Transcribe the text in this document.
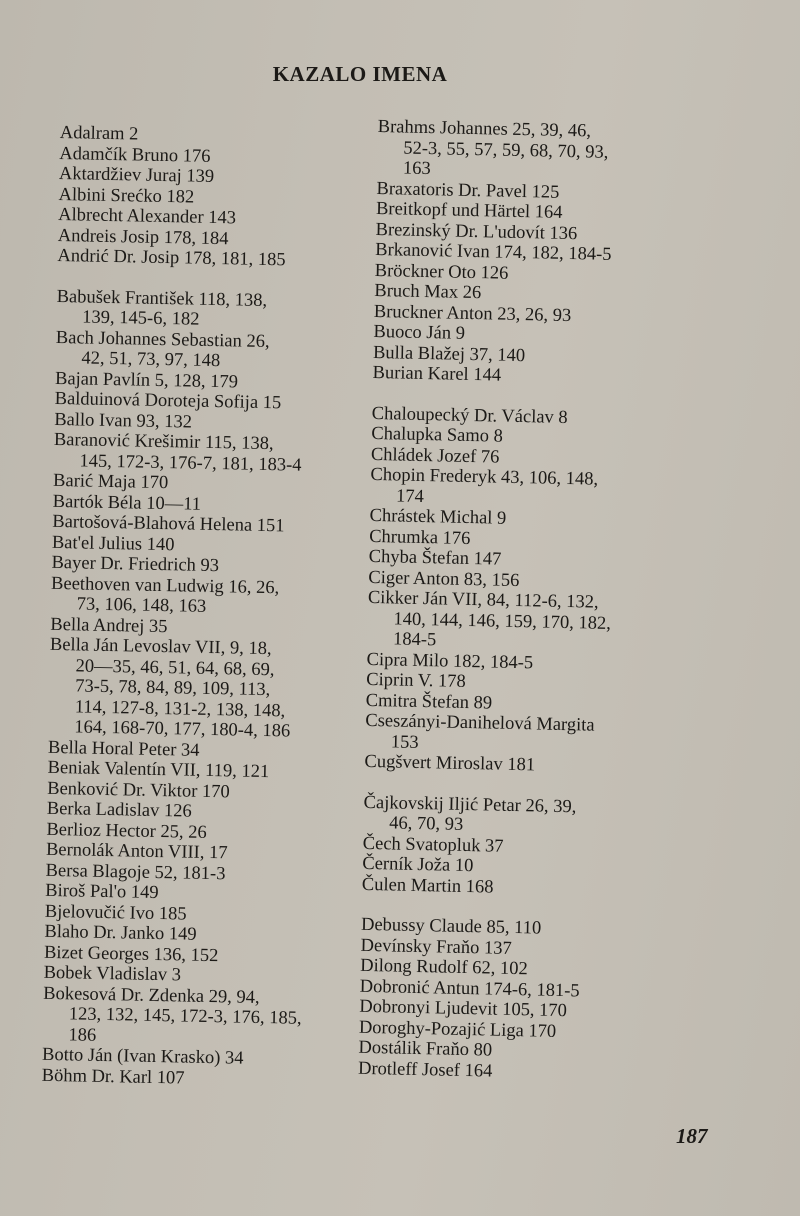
KAZALO IMENA
Adalram 2
Adamčík Bruno 176
Aktardžiev Juraj 139
Albini Srećko 182
Albrecht Alexander 143
Andreis Josip 178, 184
Andrić Dr. Josip 178, 181, 185
Babušek František 118, 138,
139, 145-6, 182
Bach Johannes Sebastian 26,
42, 51, 73, 97, 148
Bajan Pavlín 5, 128, 179
Balduinová Doroteja Sofija 15
Ballo Ivan 93, 132
Baranović Krešimir 115, 138,
145, 172-3, 176-7, 181, 183-4
Barić Maja 170
Bartók Béla 10—11
Bartošová-Blahová Helena 151
Bat'el Julius 140
Bayer Dr. Friedrich 93
Beethoven van Ludwig 16, 26,
73, 106, 148, 163
Bella Andrej 35
Bella Ján Levoslav VII, 9, 18,
20—35, 46, 51, 64, 68, 69,
73-5, 78, 84, 89, 109, 113,
114, 127-8, 131-2, 138, 148,
164, 168-70, 177, 180-4, 186
Bella Horal Peter 34
Beniak Valentín VII, 119, 121
Benković Dr. Viktor 170
Berka Ladislav 126
Berlioz Hector 25, 26
Bernolák Anton VIII, 17
Bersa Blagoje 52, 181-3
Biroš Pal'o 149
Bjelovučić Ivo 185
Blaho Dr. Janko 149
Bizet Georges 136, 152
Bobek Vladislav 3
Bokesová Dr. Zdenka 29, 94,
123, 132, 145, 172-3, 176, 185,
186
Botto Ján (Ivan Krasko) 34
Böhm Dr. Karl 107
Brahms Johannes 25, 39, 46,
52-3, 55, 57, 59, 68, 70, 93,
163
Braxatoris Dr. Pavel 125
Breitkopf und Härtel 164
Brezinský Dr. L'udovít 136
Brkanović Ivan 174, 182, 184-5
Bröckner Oto 126
Bruch Max 26
Bruckner Anton 23, 26, 93
Buoco Ján 9
Bulla Blažej 37, 140
Burian Karel 144
Chaloupecký Dr. Václav 8
Chalupka Samo 8
Chládek Jozef 76
Chopin Frederyk 43, 106, 148,
174
Chrástek Michal 9
Chrumka 176
Chyba Štefan 147
Ciger Anton 83, 156
Cikker Ján VII, 84, 112-6, 132,
140, 144, 146, 159, 170, 182,
184-5
Cipra Milo 182, 184-5
Ciprin V. 178
Cmitra Štefan 89
Cseszányi-Danihelová Margita
153
Cugšvert Miroslav 181
Čajkovskij Iljić Petar 26, 39,
46, 70, 93
Čech Svatopluk 37
Černík Joža 10
Čulen Martin 168
Debussy Claude 85, 110
Devínsky Fraňo 137
Dilong Rudolf 62, 102
Dobronić Antun 174-6, 181-5
Dobronyi Ljudevit 105, 170
Doroghy-Pozajić Liga 170
Dostálik Fraňo 80
Drotleff Josef 164
187
